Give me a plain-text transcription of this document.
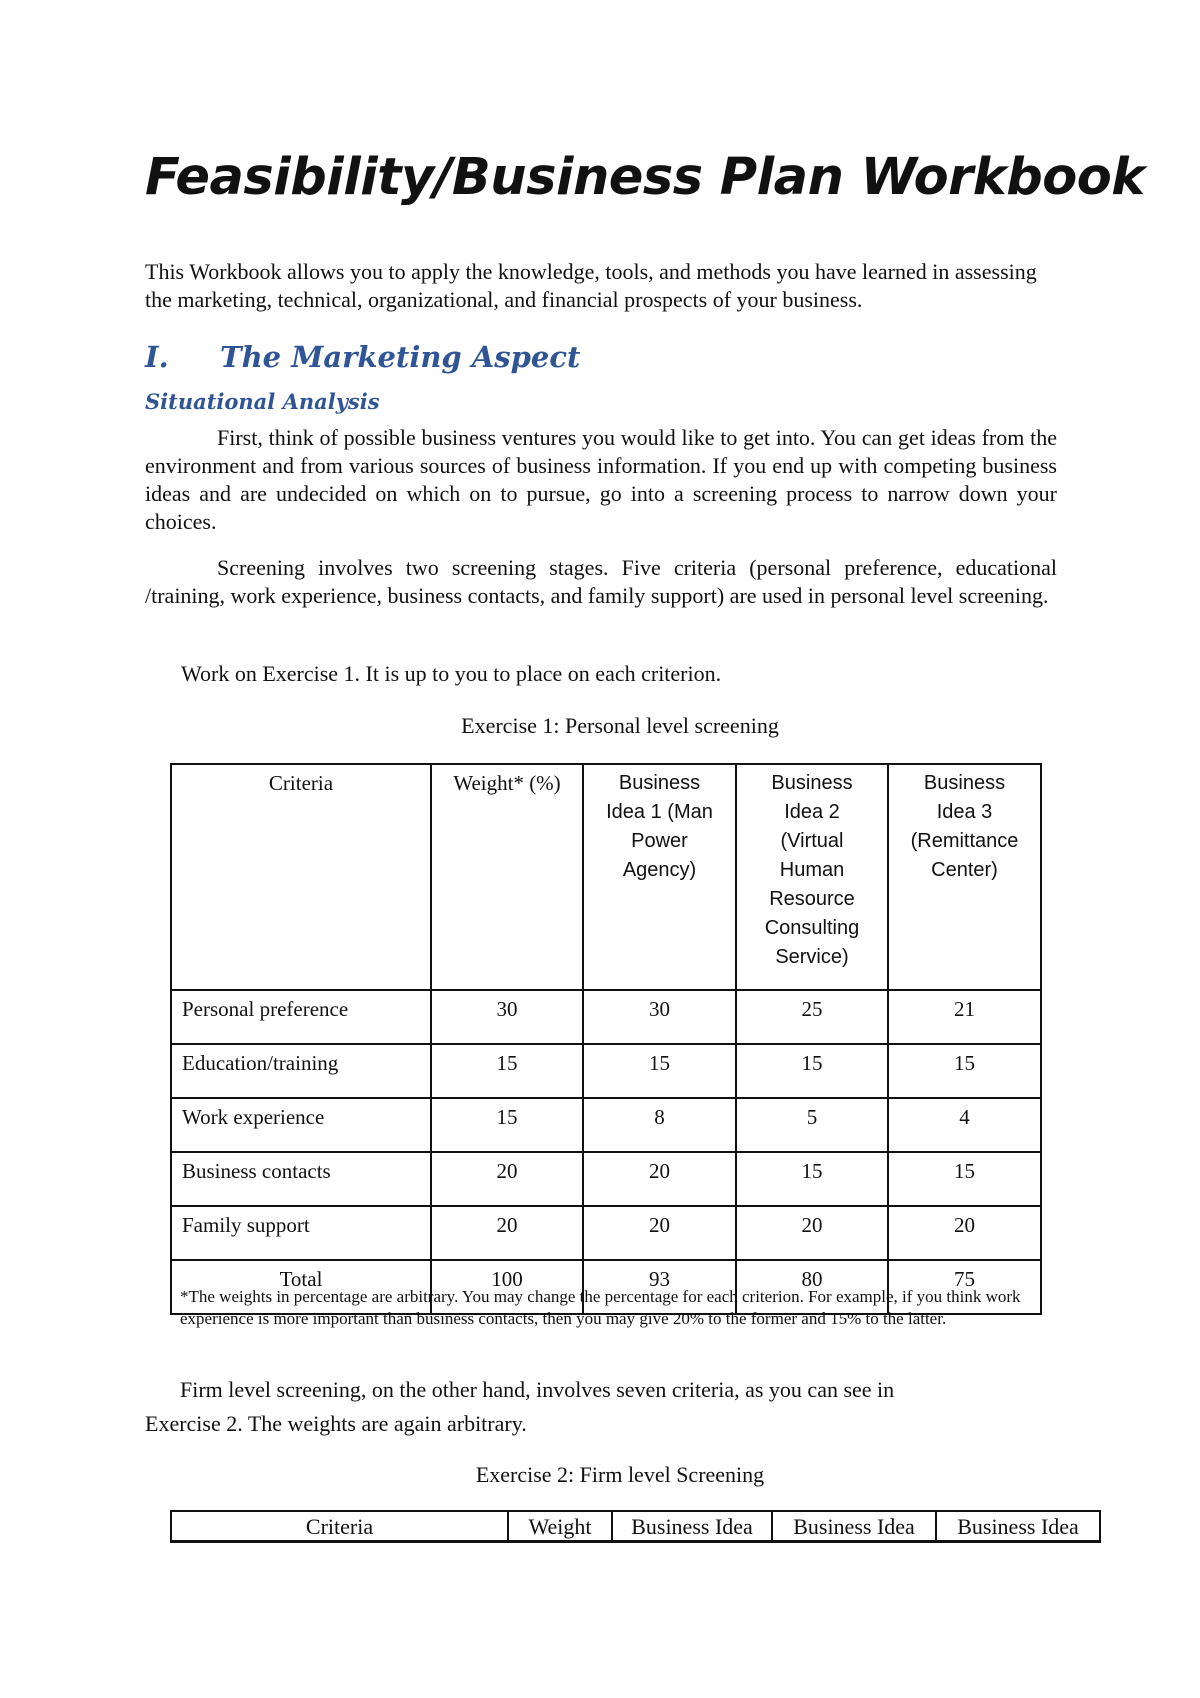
Feasibility/Business Plan Workbook

This Workbook allows you to apply the knowledge, tools, and methods you have learned in assessing the marketing, technical, organizational, and financial prospects of your business.

I. The Marketing Aspect
Situational Analysis

First, think of possible business ventures you would like to get into. You can get ideas from the environment and from various sources of business information. If you end up with competing business ideas and are undecided on which on to pursue, go into a screening process to narrow down your choices.

Screening involves two screening stages. Five criteria (personal preference, educational /training, work experience, business contacts, and family support) are used in personal level screening.

Work on Exercise 1. It is up to you to place on each criterion.

Exercise 1: Personal level screening

Criteria	Weight* (%)	Business Idea 1 (Man Power Agency)	Business Idea 2 (Virtual Human Resource Consulting Service)	Business Idea 3 (Remittance Center)

Personal preference	30	30	25	21
Education/training	15	15	15	15
Work experience	15	8	5	4
Business contacts	20	20	15	15
Family support	20	20	20	20
Total	100	93	80	75

*The weights in percentage are arbitrary. You may change the percentage for each criterion. For example, if you think work experience is more important than business contacts, then you may give 20% to the former and 15% to the latter.

Firm level screening, on the other hand, involves seven criteria, as you can see in

Exercise 2. The weights are again arbitrary.

Exercise 2: Firm level Screening

Criteria	Weight	Business Idea	Business Idea	Business Idea
